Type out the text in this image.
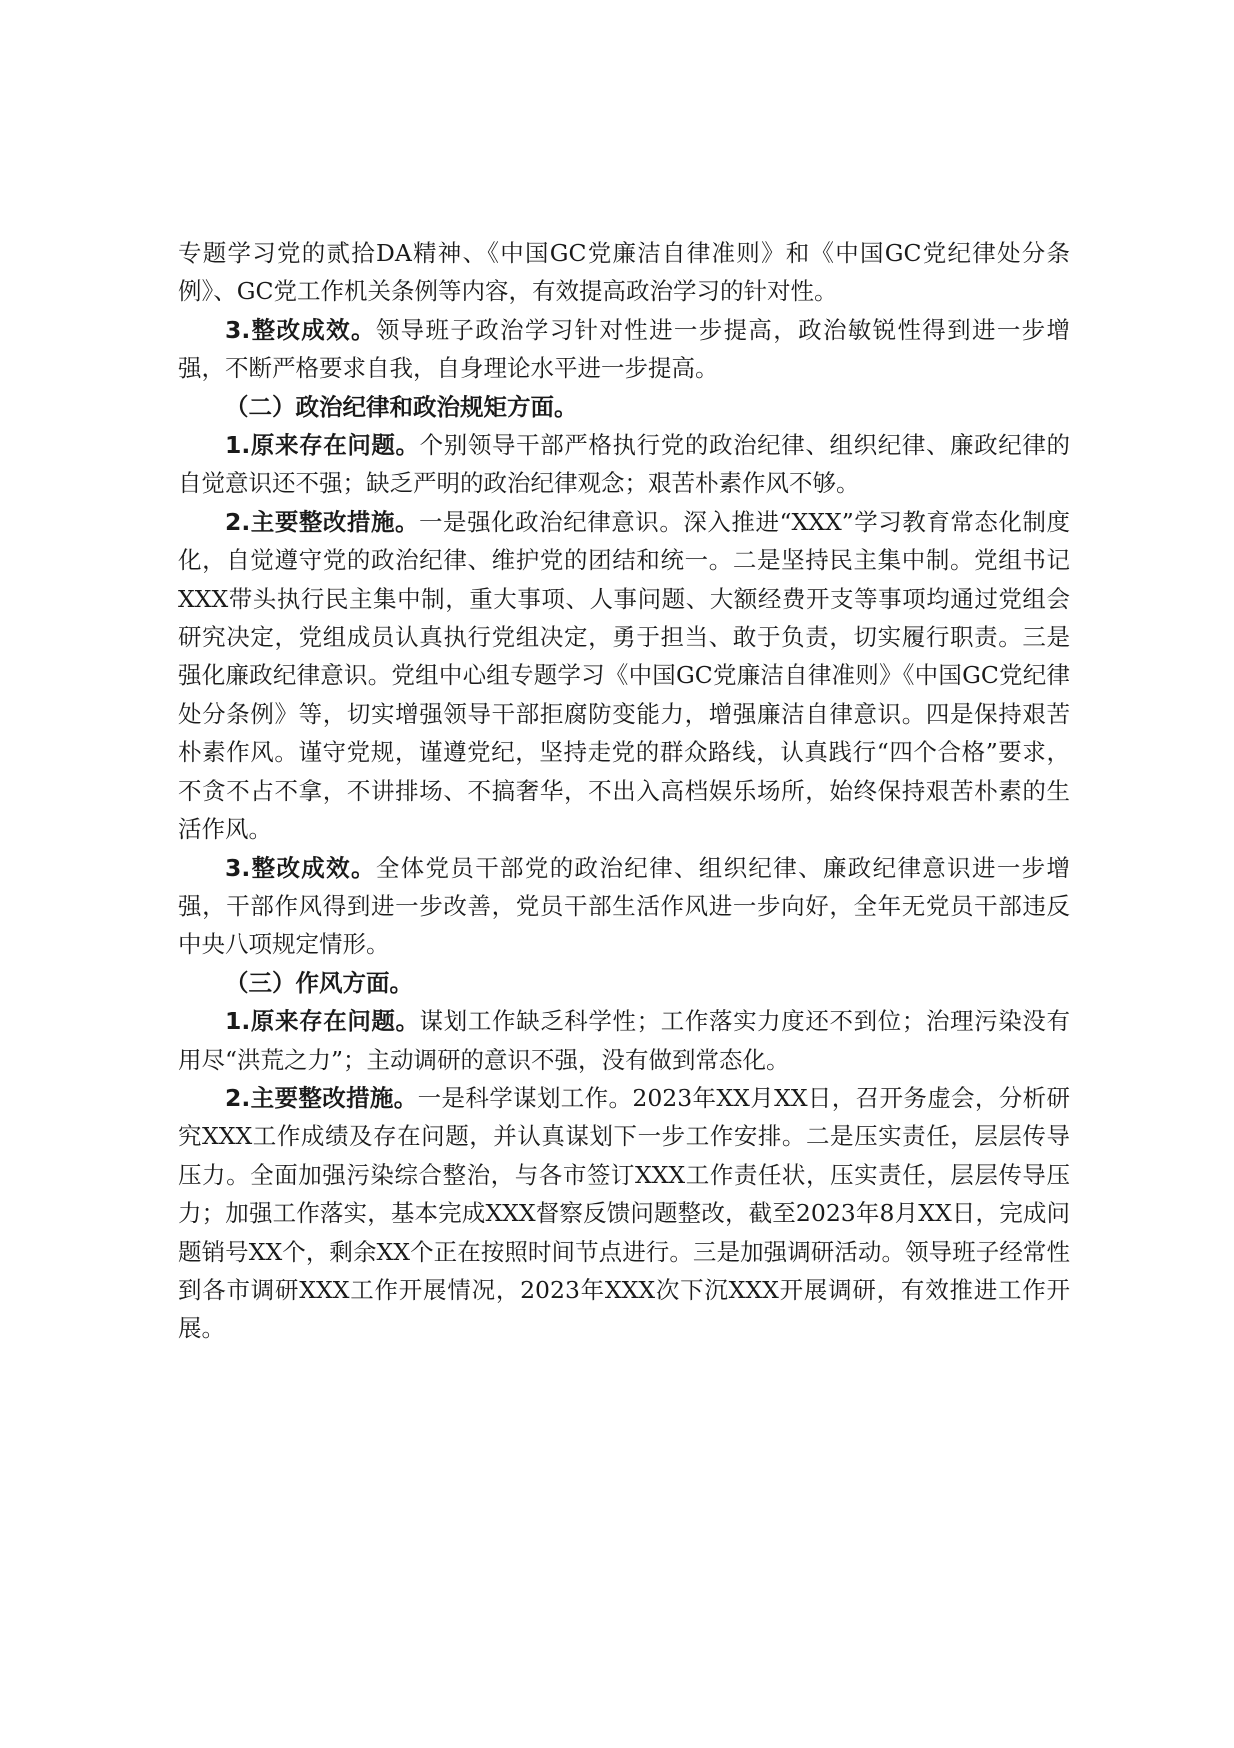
专题学习党的贰拾DA精神、《中国GC党廉洁自律准则》和《中国GC党纪律处分条例》、GC党工作机关条例等内容，有效提高政治学习的针对性。

3.整改成效。领导班子政治学习针对性进一步提高，政治敏锐性得到进一步增强，不断严格要求自我，自身理论水平进一步提高。

（二）政治纪律和政治规矩方面。

1.原来存在问题。个别领导干部严格执行党的政治纪律、组织纪律、廉政纪律的自觉意识还不强；缺乏严明的政治纪律观念；艰苦朴素作风不够。

2.主要整改措施。一是强化政治纪律意识。深入推进“XXX”学习教育常态化制度化，自觉遵守党的政治纪律、维护党的团结和统一。二是坚持民主集中制。党组书记XXX带头执行民主集中制，重大事项、人事问题、大额经费开支等事项均通过党组会研究决定，党组成员认真执行党组决定，勇于担当、敢于负责，切实履行职责。三是强化廉政纪律意识。党组中心组专题学习《中国GC党廉洁自律准则》《中国GC党纪律处分条例》等，切实增强领导干部拒腐防变能力，增强廉洁自律意识。四是保持艰苦朴素作风。谨守党规，谨遵党纪，坚持走党的群众路线，认真践行“四个合格”要求，不贪不占不拿，不讲排场、不搞奢华，不出入高档娱乐场所，始终保持艰苦朴素的生活作风。

3.整改成效。全体党员干部党的政治纪律、组织纪律、廉政纪律意识进一步增强，干部作风得到进一步改善，党员干部生活作风进一步向好，全年无党员干部违反中央八项规定情形。

（三）作风方面。

1.原来存在问题。谋划工作缺乏科学性；工作落实力度还不到位；治理污染没有用尽“洪荒之力”；主动调研的意识不强，没有做到常态化。

2.主要整改措施。一是科学谋划工作。2023年XX月XX日，召开务虚会，分析研究XXX工作成绩及存在问题，并认真谋划下一步工作安排。二是压实责任，层层传导压力。全面加强污染综合整治，与各市签订XXX工作责任状，压实责任，层层传导压力；加强工作落实，基本完成XXX督察反馈问题整改，截至2023年8月XX日，完成问题销号XX个，剩余XX个正在按照时间节点进行。三是加强调研活动。领导班子经常性到各市调研XXX工作开展情况，2023年XXX次下沉XXX开展调研，有效推进工作开展。
